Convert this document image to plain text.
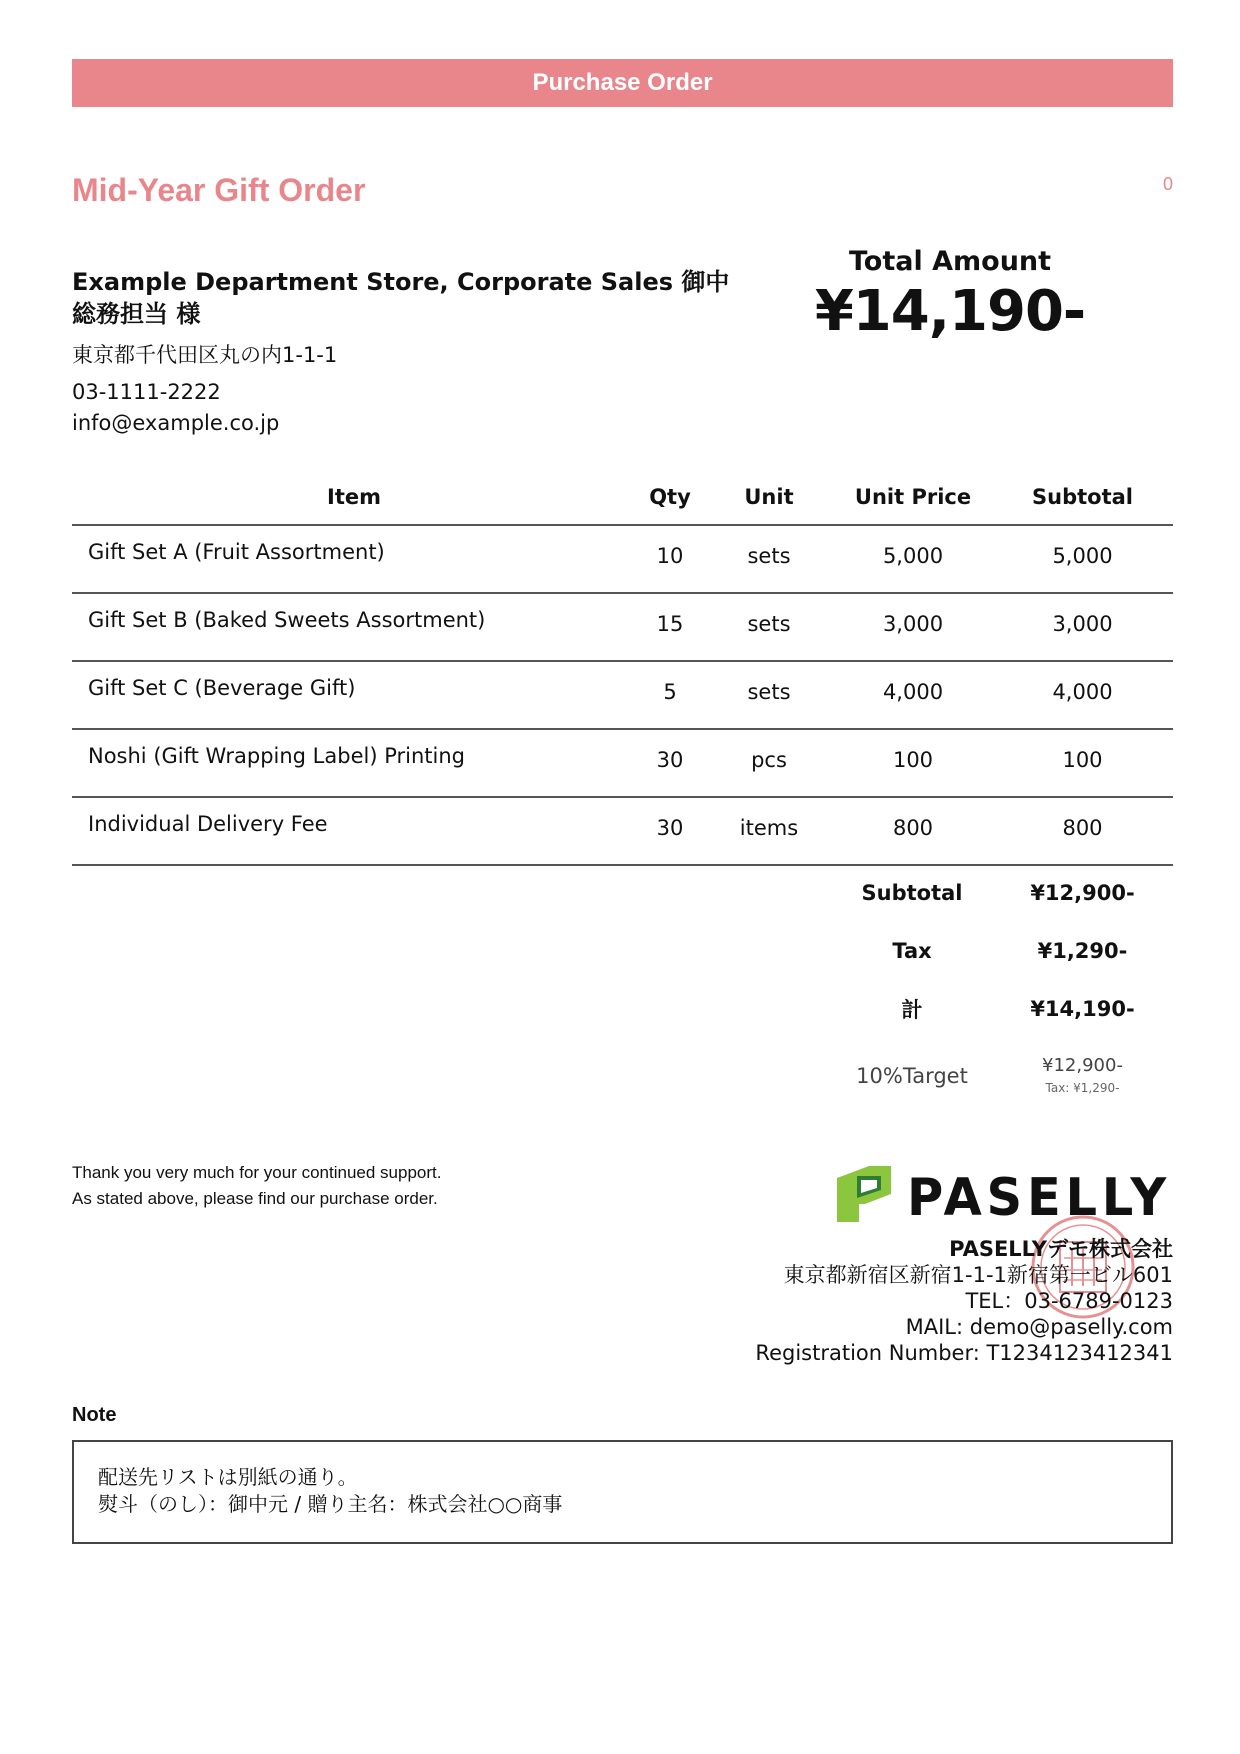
Purchase Order
Mid-Year Gift Order	0
Example Department Store, Corporate Sales 御中 総務担当 様
東京都千代田区丸の内1-1-1
03-1111-2222
info@example.co.jp
Total Amount
¥14,190-
Item	Qty	Unit	Unit Price	Subtotal
Gift Set A (Fruit Assortment)	10	sets	5,000	5,000
Gift Set B (Baked Sweets Assortment)	15	sets	3,000	3,000
Gift Set C (Beverage Gift)	5	sets	4,000	4,000
Noshi (Gift Wrapping Label) Printing	30	pcs	100	100
Individual Delivery Fee	30	items	800	800
Subtotal	¥12,900-
Tax	¥1,290-
計	¥14,190-
10%Target	¥12,900-
Tax: ¥1,290-
Thank you very much for your continued support.
As stated above, please find our purchase order.	PASELLY
PASELLYデモ株式会社
東京都新宿区新宿1-1-1新宿第一ビル601
TEL：03-6789-0123
MAIL: demo@paselly.com
Registration Number: T1234123412341
Note
配送先リストは別紙の通り。
熨斗（のし）：御中元 / 贈り主名：株式会社○○商事
